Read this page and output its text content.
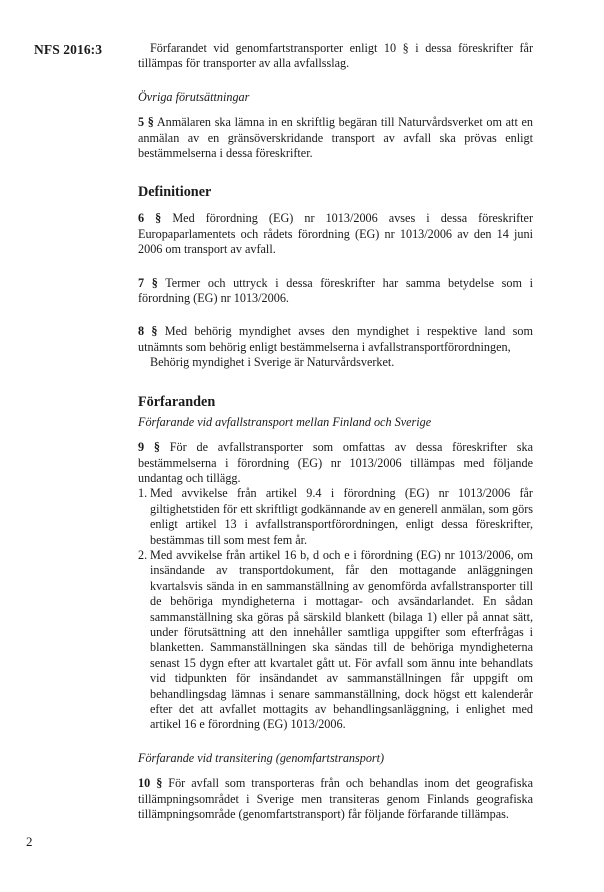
NFS 2016:3	Förfarandet vid genomfartstransporter enligt 10 § i dessa föreskrifter får tillämpas för transporter av alla avfallsslag.

Övriga förutsättningar

5 § Anmälaren ska lämna in en skriftlig begäran till Naturvårdsverket om att en anmälan av en gränsöverskridande transport av avfall ska prövas enligt bestämmelserna i dessa föreskrifter.

Definitioner

6 § Med förordning (EG) nr 1013/2006 avses i dessa föreskrifter Europaparlamentets och rådets förordning (EG) nr 1013/2006 av den 14 juni 2006 om transport av avfall.

7 § Termer och uttryck i dessa föreskrifter har samma betydelse som i förordning (EG) nr 1013/2006.

8 § Med behörig myndighet avses den myndighet i respektive land som utnämnts som behörig enligt bestämmelserna i avfallstransportförordningen,

Behörig myndighet i Sverige är Naturvårdsverket.

Förfaranden

Förfarande vid avfallstransport mellan Finland och Sverige

9 § För de avfallstransporter som omfattas av dessa föreskrifter ska bestämmelserna i förordning (EG) nr 1013/2006 tillämpas med följande undantag och tillägg.

1. Med avvikelse från artikel 9.4 i förordning (EG) nr 1013/2006 får giltighetstiden för ett skriftligt godkännande av en generell anmälan, som görs enligt artikel 13 i avfallstransportförordningen, enligt dessa föreskrifter, bestämmas till som mest fem år.
2. Med avvikelse från artikel 16 b, d och e i förordning (EG) nr 1013/2006, om insändande av transportdokument, får den mottagande anläggningen kvartalsvis sända in en sammanställning av genomförda avfallstransporter till de behöriga myndigheterna i mottagar- och avsändarlandet. En sådan sammanställning ska göras på särskild blankett (bilaga 1) eller på annat sätt, under förutsättning att den innehåller samtliga uppgifter som efterfrågas i blanketten. Sammanställningen ska sändas till de behöriga myndigheterna senast 15 dygn efter att kvartalet gått ut. För avfall som ännu inte behandlats vid tidpunkten för insändandet av sammanställningen får uppgift om behandlingsdag lämnas i senare sammanställning, dock högst ett kalenderår efter det att avfallet mottagits av behandlingsanläggning, i enlighet med artikel 16 e förordning (EG) 1013/2006.

Förfarande vid transitering (genomfartstransport)

10 § För avfall som transporteras från och behandlas inom det geografiska tillämpningsområdet i Sverige men transiteras genom Finlands geografiska tillämpningsområde (genomfartstransport) får följande förfarande tillämpas.

2
